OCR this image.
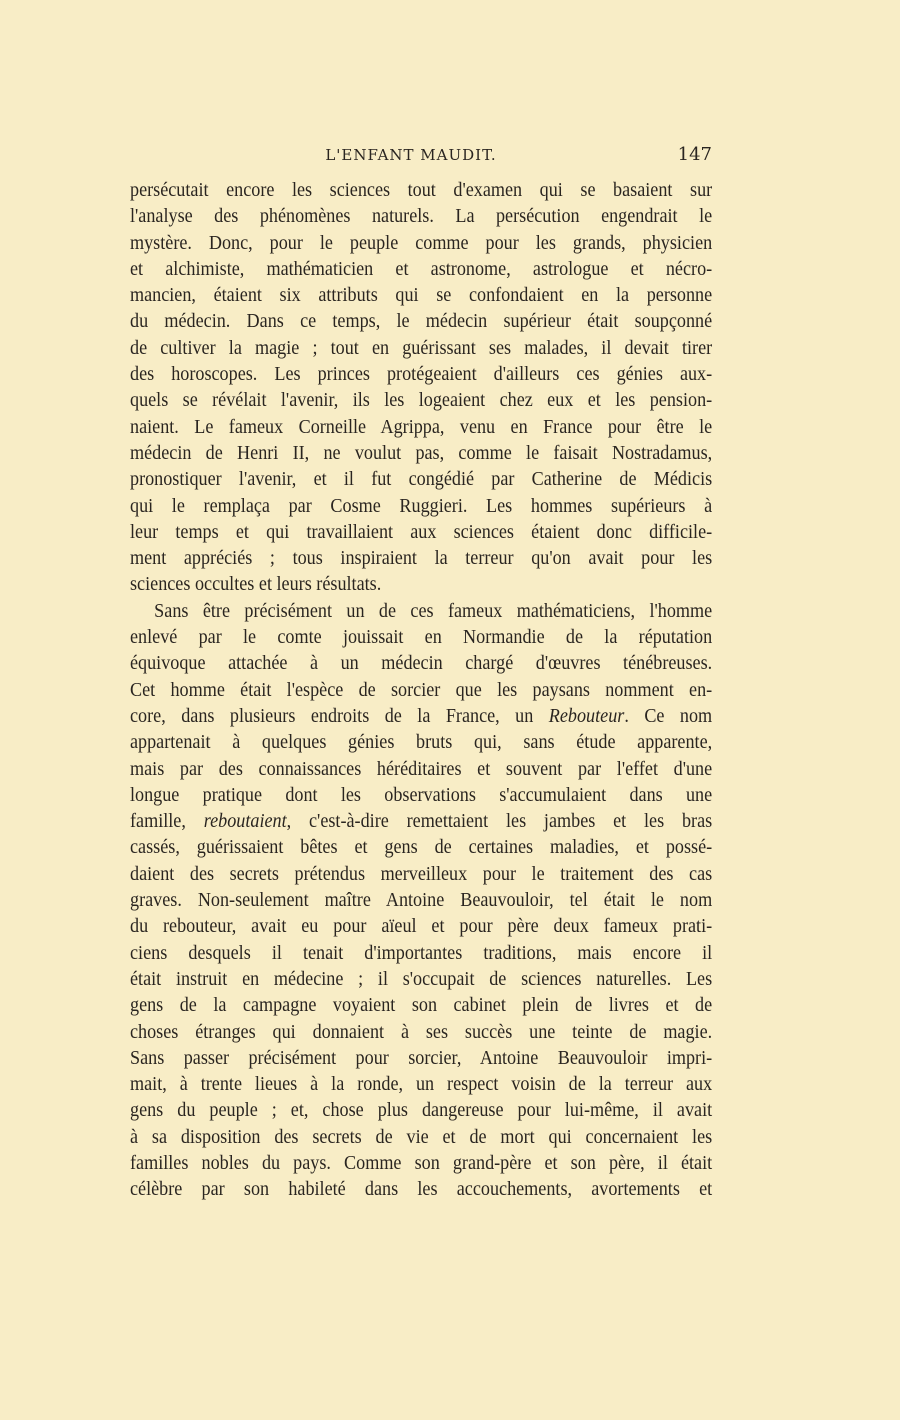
L'ENFANT MAUDIT.	147
persécutait encore les sciences tout d'examen qui se basaient sur
l'analyse des phénomènes naturels. La persécution engendrait le
mystère. Donc, pour le peuple comme pour les grands, physicien
et alchimiste, mathématicien et astronome, astrologue et nécro-
mancien, étaient six attributs qui se confondaient en la personne
du médecin. Dans ce temps, le médecin supérieur était soupçonné
de cultiver la magie ; tout en guérissant ses malades, il devait tirer
des horoscopes. Les princes protégeaient d'ailleurs ces génies aux-
quels se révélait l'avenir, ils les logeaient chez eux et les pension-
naient. Le fameux Corneille Agrippa, venu en France pour être le
médecin de Henri II, ne voulut pas, comme le faisait Nostradamus,
pronostiquer l'avenir, et il fut congédié par Catherine de Médicis
qui le remplaça par Cosme Ruggieri. Les hommes supérieurs à
leur temps et qui travaillaient aux sciences étaient donc difficile-
ment appréciés ; tous inspiraient la terreur qu'on avait pour les
sciences occultes et leurs résultats.
Sans être précisément un de ces fameux mathématiciens, l'homme
enlevé par le comte jouissait en Normandie de la réputation
équivoque attachée à un médecin chargé d'œuvres ténébreuses.
Cet homme était l'espèce de sorcier que les paysans nomment en-
core, dans plusieurs endroits de la France, un Rebouteur. Ce nom
appartenait à quelques génies bruts qui, sans étude apparente,
mais par des connaissances héréditaires et souvent par l'effet d'une
longue pratique dont les observations s'accumulaient dans une
famille, reboutaient, c'est-à-dire remettaient les jambes et les bras
cassés, guérissaient bêtes et gens de certaines maladies, et possé-
daient des secrets prétendus merveilleux pour le traitement des cas
graves. Non-seulement maître Antoine Beauvouloir, tel était le nom
du rebouteur, avait eu pour aïeul et pour père deux fameux prati-
ciens desquels il tenait d'importantes traditions, mais encore il
était instruit en médecine ; il s'occupait de sciences naturelles. Les
gens de la campagne voyaient son cabinet plein de livres et de
choses étranges qui donnaient à ses succès une teinte de magie.
Sans passer précisément pour sorcier, Antoine Beauvouloir impri-
mait, à trente lieues à la ronde, un respect voisin de la terreur aux
gens du peuple ; et, chose plus dangereuse pour lui-même, il avait
à sa disposition des secrets de vie et de mort qui concernaient les
familles nobles du pays. Comme son grand-père et son père, il était
célèbre par son habileté dans les accouchements, avortements et
